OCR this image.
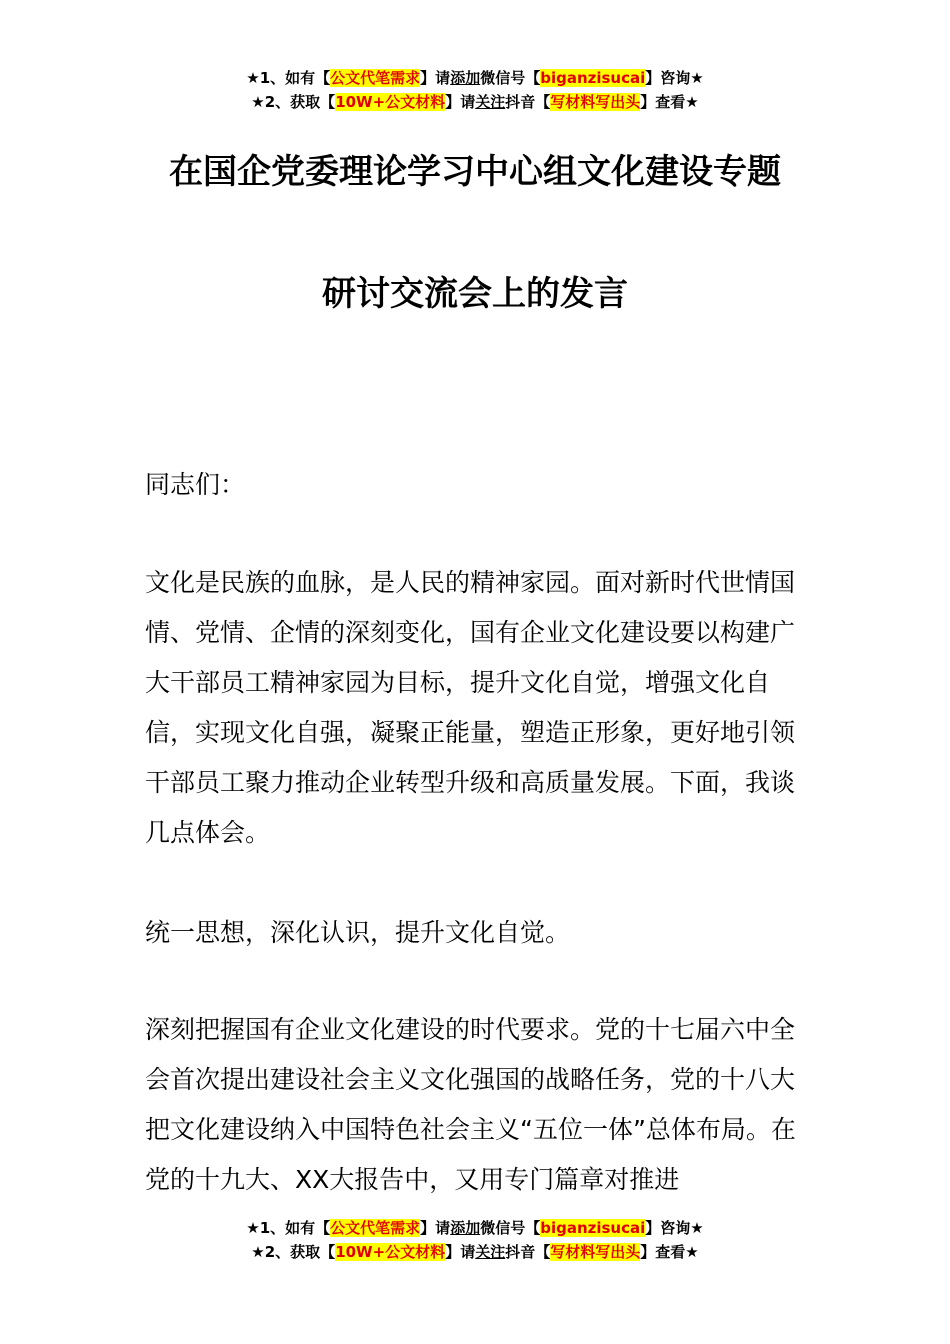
★1、如有【公文代笔需求】请添加微信号【biganzisucai】咨询★
★2、获取【10W+公文材料】请关注抖音【写材料写出头】查看★
在国企党委理论学习中心组文化建设专题
研讨交流会上的发言

同志们：

文化是民族的血脉，是人民的精神家园。面对新时代世情国情、党情、企情的深刻变化，国有企业文化建设要以构建广大干部员工精神家园为目标，提升文化自觉，增强文化自信，实现文化自强，凝聚正能量，塑造正形象，更好地引领干部员工聚力推动企业转型升级和高质量发展。下面，我谈几点体会。

统一思想，深化认识，提升文化自觉。

深刻把握国有企业文化建设的时代要求。党的十七届六中全会首次提出建设社会主义文化强国的战略任务，党的十八大把文化建设纳入中国特色社会主义“五位一体”总体布局。在党的十九大、XX大报告中，又用专门篇章对推进

★1、如有【公文代笔需求】请添加微信号【biganzisucai】咨询★
★2、获取【10W+公文材料】请关注抖音【写材料写出头】查看★
